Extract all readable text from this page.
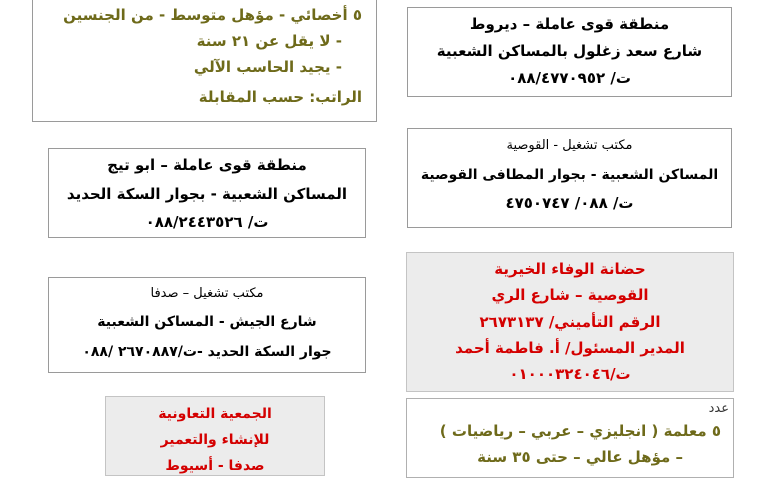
٥ أخصائي - مؤهل متوسط - من الجنسين
- لا يقل عن ٢١ سنة
- يجيد الحاسب الآلي
الراتب: حسب المقابلة
منطقة قوى عاملة – ديروط
شارع سعد زغلول بالمساكن الشعبية
ت/ ٠٨٨/٤٧٧٠٩٥٢
مكتب تشغيل - القوصية
المساكن الشعبية - بجوار المطافى القوصية
ت/ ٠٨٨/ ٤٧٥٠٧٤٧
منطقة قوى عاملة – ابو تيج
المساكن الشعبية - بجوار السكة الحديد
ت/ ٠٨٨/٢٤٤٣٥٢٦
حضانة الوفاء الخيرية
القوصية – شارع الري
الرقم التأميني/ ٢٦٧٣١٣٧
المدير المسئول/ أ. فاطمة أحمد
ت/٠١٠٠٠٣٢٤٠٤٦
مكتب تشغيل – صدفا
شارع الجيش - المساكن الشعبية
جوار السكة الحديد -ت/٢٦٧٠٨٨٧ /٠٨٨
الجمعية التعاونية
للإنشاء والتعمير
صدفا - أسيوط
عدد
٥ معلمة ( انجليزي – عربي – رياضيات )
– مؤهل عالي – حتى ٣٥ سنة
